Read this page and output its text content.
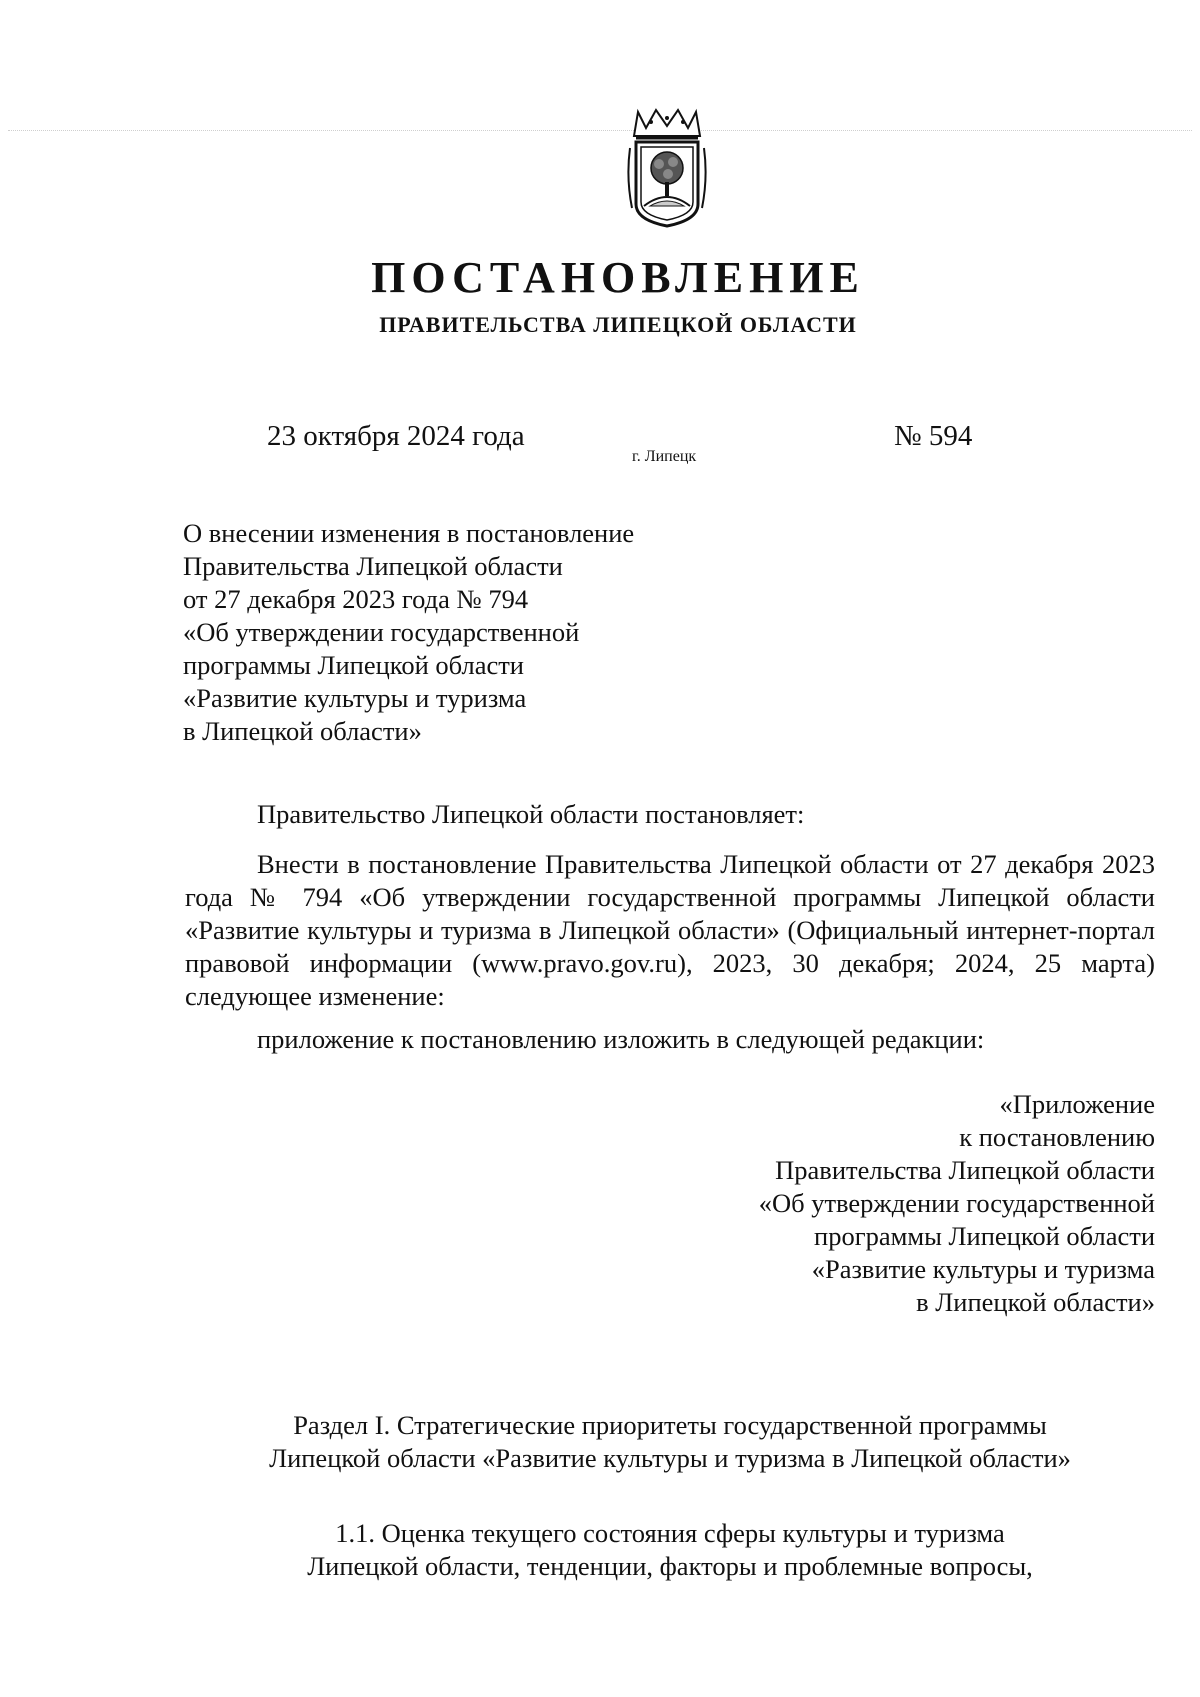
ПОСТАНОВЛЕНИЕ
ПРАВИТЕЛЬСТВА ЛИПЕЦКОЙ ОБЛАСТИ
23 октября 2024 года
г. Липецк
№ 594
О внесении изменения в постановление
Правительства Липецкой области
от 27 декабря 2023 года № 794
«Об утверждении государственной
программы Липецкой области
«Развитие культуры и туризма
в Липецкой области»
Правительство Липецкой области постановляет:
Внести в постановление Правительства Липецкой области от 27 декабря 2023 года № 794 «Об утверждении государственной программы Липецкой области «Развитие культуры и туризма в Липецкой области» (Официальный интернет-портал правовой информации (www.pravo.gov.ru), 2023, 30 декабря; 2024, 25 марта) следующее изменение:
приложение к постановлению изложить в следующей редакции:
«Приложение
к постановлению
Правительства Липецкой области
«Об утверждении государственной
программы Липецкой области
«Развитие культуры и туризма
в Липецкой области»
Раздел I. Стратегические приоритеты государственной программы
Липецкой области «Развитие культуры и туризма в Липецкой области»
1.1. Оценка текущего состояния сферы культуры и туризма
Липецкой области, тенденции, факторы и проблемные вопросы,
